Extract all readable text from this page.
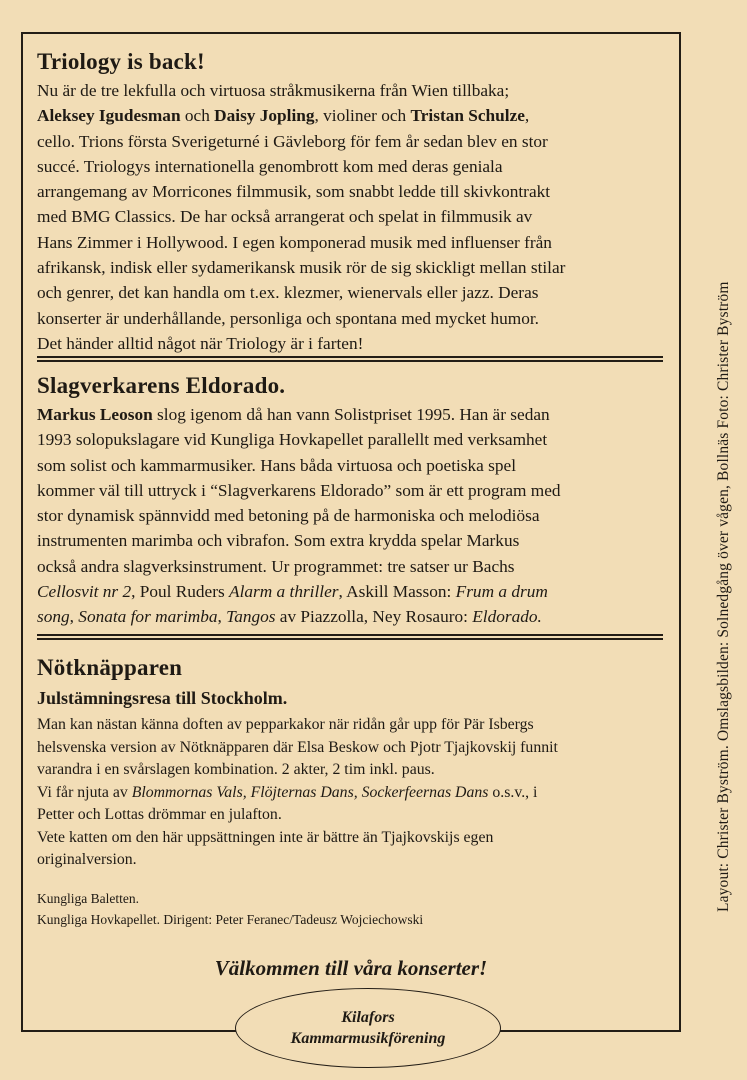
Triology is back!
Nu är de tre lekfulla och virtuosa stråkmusikerna från Wien tillbaka;
Aleksey Igudesman och Daisy Jopling, violiner och Tristan Schulze,
cello. Trions första Sverigeturné i Gävleborg för fem år sedan blev en stor
succé. Triologys internationella genombrott kom med deras geniala
arrangemang av Morricones filmmusik, som snabbt ledde till skivkontrakt
med BMG Classics. De har också arrangerat och spelat in filmmusik av
Hans Zimmer i Hollywood. I egen komponerad musik med influenser från
afrikansk, indisk eller sydamerikansk musik rör de sig skickligt mellan stilar
och genrer, det kan handla om t.ex. klezmer, wienervals eller jazz. Deras
konserter är underhållande, personliga och spontana med mycket humor.
Det händer alltid något när Triology är i farten!
Slagverkarens Eldorado.
Markus Leoson slog igenom då han vann Solistpriset 1995. Han är sedan
1993 solopukslagare vid Kungliga Hovkapellet parallellt med verksamhet
som solist och kammarmusiker. Hans båda virtuosa och poetiska spel
kommer väl till uttryck i “Slagverkarens Eldorado” som är ett program med
stor dynamisk spännvidd med betoning på de harmoniska och melodiösa
instrumenten marimba och vibrafon. Som extra krydda spelar Markus
också andra slagverksinstrument. Ur programmet: tre satser ur Bachs
Cellosvit nr 2, Poul Ruders Alarm a thriller, Askill Masson: Frum a drum
song, Sonata for marimba, Tangos av Piazzolla, Ney Rosauro: Eldorado.
Nötknäpparen
Julstämningsresa till Stockholm.
Man kan nästan känna doften av pepparkakor när ridån går upp för Pär Isbergs
helsvenska version av Nötknäpparen där Elsa Beskow och Pjotr Tjajkovskij funnit
varandra i en svårslagen kombination. 2 akter, 2 tim inkl. paus.
Vi får njuta av Blommornas Vals, Flöjternas Dans, Sockerfeernas Dans o.s.v., i
Petter och Lottas drömmar en julafton.
Vete katten om den här uppsättningen inte är bättre än Tjajkovskijs egen
originalversion.
Kungliga Baletten.
Kungliga Hovkapellet. Dirigent: Peter Feranec/Tadeusz Wojciechowski
Välkommen till våra konserter!
Kilafors
Kammarmusikförening
Layout: Christer Byström. Omslagsbilden: Solnedgång över vågen, Bollnäs Foto: Christer Byström
